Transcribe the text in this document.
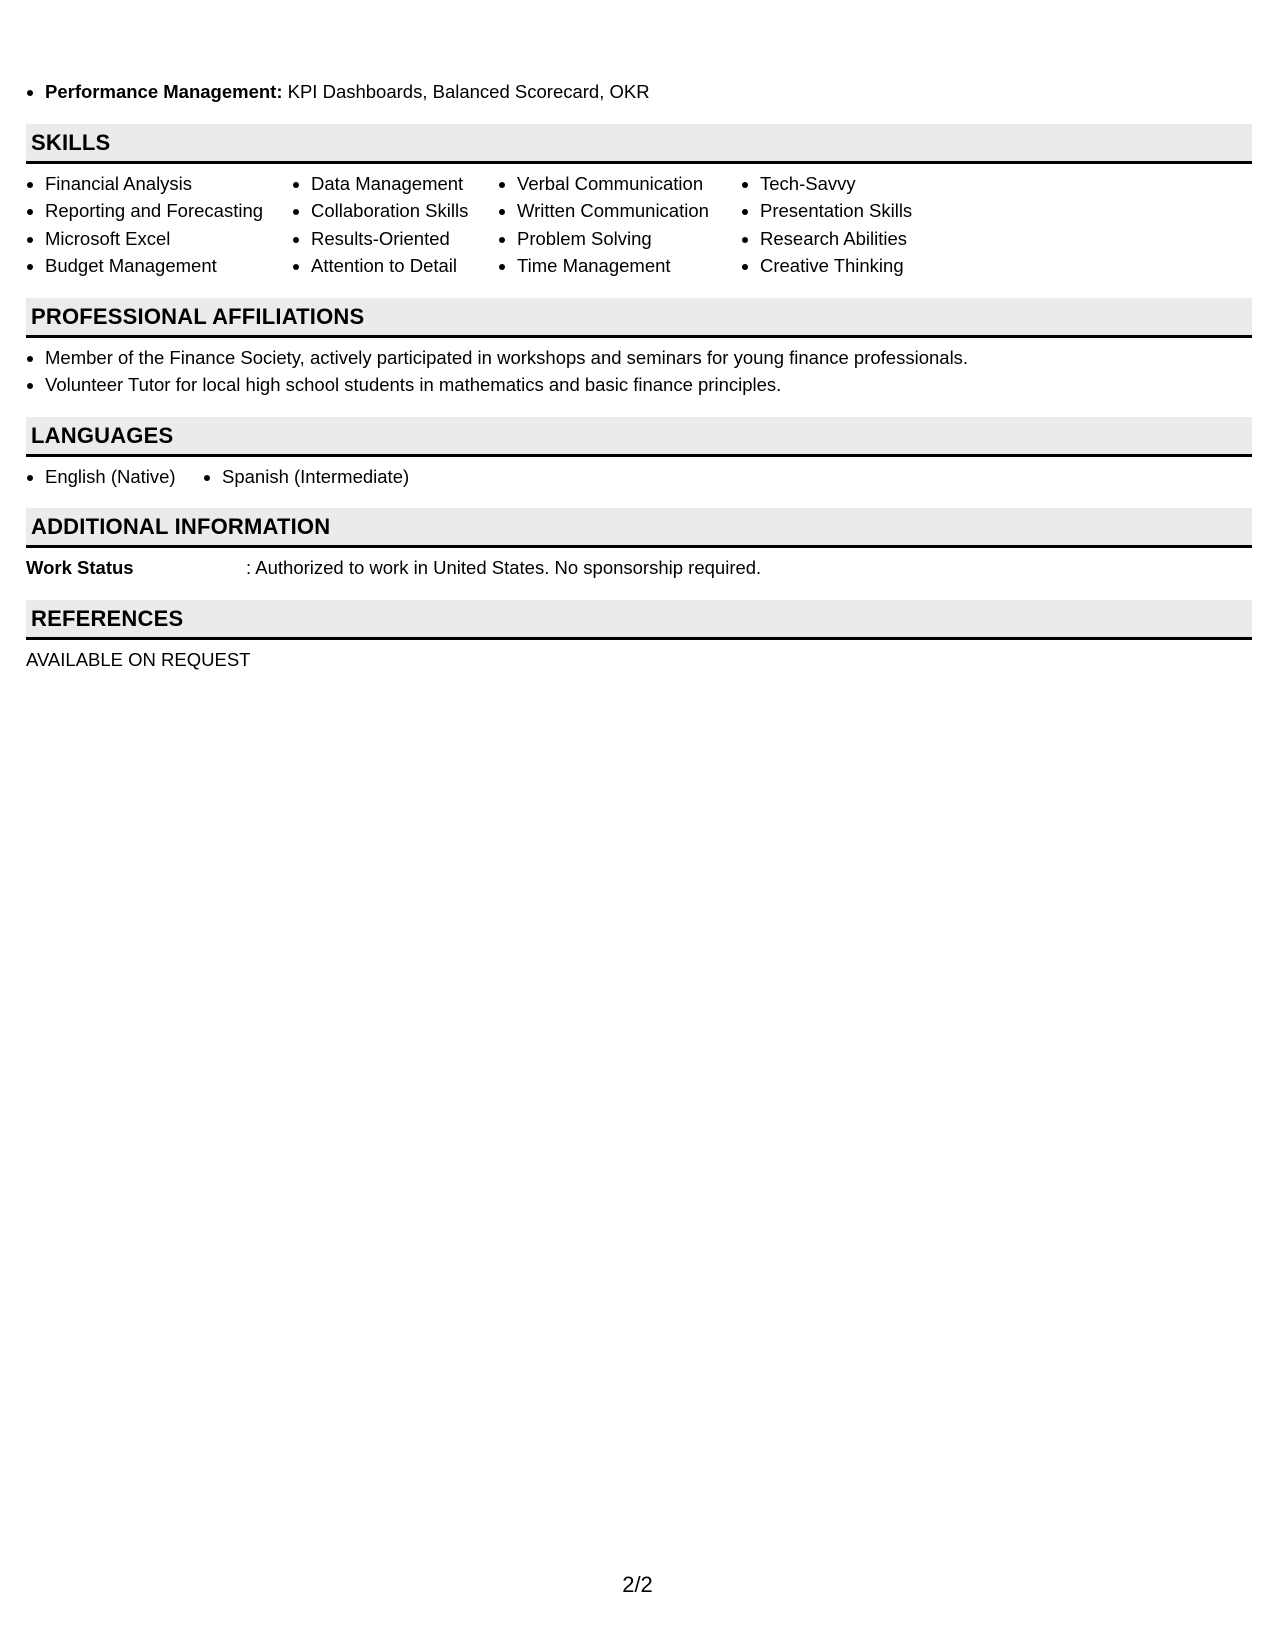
• Performance Management: KPI Dashboards, Balanced Scorecard, OKR
SKILLS
• Financial Analysis
• Reporting and Forecasting
• Microsoft Excel
• Budget Management
• Data Management
• Collaboration Skills
• Results-Oriented
• Attention to Detail
• Verbal Communication
• Written Communication
• Problem Solving
• Time Management
• Tech-Savvy
• Presentation Skills
• Research Abilities
• Creative Thinking
PROFESSIONAL AFFILIATIONS
• Member of the Finance Society, actively participated in workshops and seminars for young finance professionals.
• Volunteer Tutor for local high school students in mathematics and basic finance principles.
LANGUAGES
• English (Native)
•	Spanish (Intermediate)
ADDITIONAL INFORMATION
Work Status	: Authorized to work in United States. No sponsorship required.
REFERENCES
AVAILABLE ON REQUEST
2/2
